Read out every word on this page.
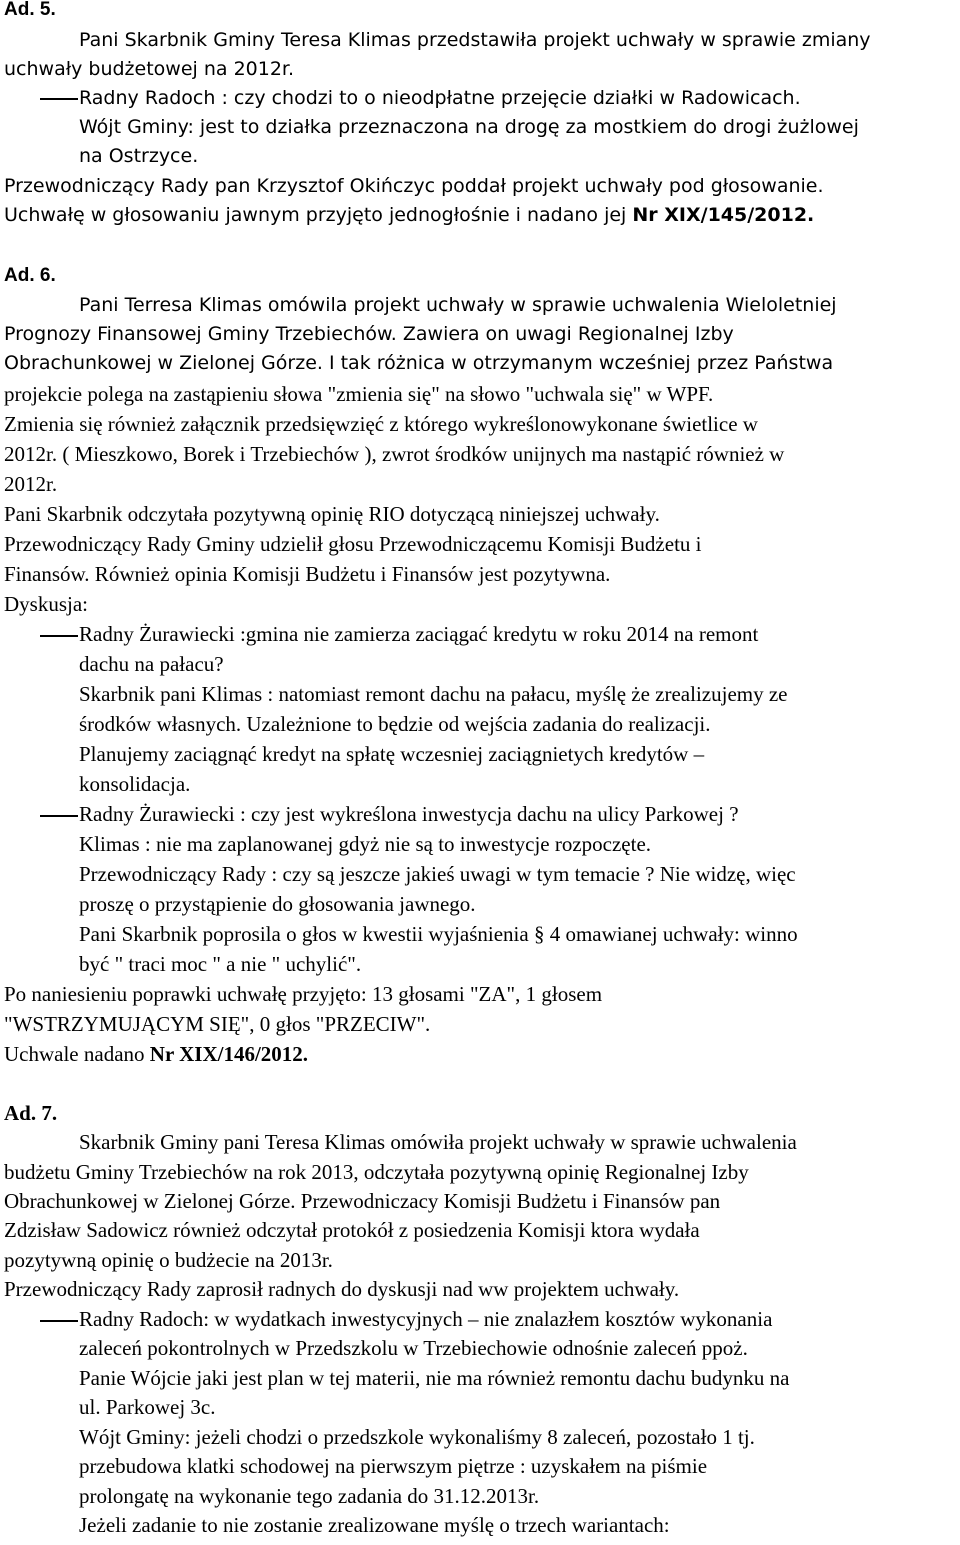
Ad. 5.

Pani Skarbnik Gminy Teresa Klimas przedstawiła projekt uchwały w sprawie zmiany

uchwały budżetowej na 2012r.

Radny Radoch : czy chodzi to o nieodpłatne przejęcie działki w Radowicach.

Wójt Gminy: jest to działka przeznaczona na drogę za mostkiem do drogi żużlowej

na Ostrzyce.

Przewodniczący Rady pan Krzysztof Okińczyc poddał projekt uchwały pod głosowanie.

Uchwałę w głosowaniu jawnym przyjęto jednogłośnie i nadano jej Nr XIX/145/2012.

Ad. 6.

Pani Terresa Klimas omówila projekt uchwały w sprawie uchwalenia Wieloletniej

Prognozy Finansowej Gminy Trzebiechów. Zawiera on uwagi Regionalnej Izby

Obrachunkowej w Zielonej Górze. I tak różnica w otrzymanym wcześniej przez Państwa

projekcie polega na zastąpieniu słowa "zmienia się" na słowo "uchwala się" w WPF.

Zmienia się również załącznik przedsięwzięć z którego wykreślonowykonane świetlice w

2012r. ( Mieszkowo, Borek i Trzebiechów ), zwrot środków unijnych ma nastąpić również w

2012r.

Pani Skarbnik odczytała pozytywną opinię RIO dotyczącą niniejszej uchwały.

Przewodniczący Rady Gminy udzielił głosu Przewodniczącemu Komisji Budżetu i

Finansów. Również opinia Komisji Budżetu i Finansów jest pozytywna.

Dyskusja:

Radny Żurawiecki :gmina nie zamierza zaciągać kredytu w roku 2014 na remont

dachu na pałacu?

Skarbnik pani Klimas : natomiast remont dachu na pałacu, myślę że zrealizujemy ze

środków własnych. Uzależnione to będzie od wejścia zadania do realizacji.

Planujemy zaciągnąć kredyt na spłatę wczesniej zaciągnietych kredytów –

konsolidacja.

Radny Żurawiecki : czy jest wykreślona inwestycja dachu na ulicy Parkowej ?

Klimas : nie ma zaplanowanej gdyż nie są to inwestycje rozpoczęte.

Przewodniczący Rady : czy są jeszcze jakieś uwagi w tym temacie ? Nie widzę, więc

proszę o przystąpienie do głosowania jawnego.

Pani Skarbnik poprosila o głos w kwestii wyjaśnienia § 4 omawianej uchwały: winno

być " traci moc " a nie " uchylić".

Po naniesieniu poprawki uchwałę przyjęto: 13 głosami "ZA", 1 głosem

"WSTRZYMUJĄCYM SIĘ", 0 głos "PRZECIW".

Uchwale nadano Nr XIX/146/2012.

Ad. 7.

Skarbnik Gminy pani Teresa Klimas omówiła projekt uchwały w sprawie uchwalenia

budżetu Gminy Trzebiechów na rok 2013, odczytała pozytywną opinię Regionalnej Izby

Obrachunkowej w Zielonej Górze. Przewodniczacy Komisji Budżetu i Finansów pan

Zdzisław Sadowicz również odczytał protokół z posiedzenia Komisji ktora wydała

pozytywną opinię o budżecie na 2013r.

Przewodniczący Rady zaprosił radnych do dyskusji nad ww projektem uchwały.

Radny Radoch: w wydatkach inwestycyjnych – nie znalazłem kosztów wykonania

zaleceń pokontrolnych w Przedszkolu w Trzebiechowie odnośnie zaleceń ppoż.

Panie Wójcie jaki jest plan w tej materii, nie ma również remontu dachu budynku na

ul. Parkowej 3c.

Wójt Gminy: jeżeli chodzi o przedszkole wykonaliśmy 8 zaleceń, pozostało 1 tj.

przebudowa klatki schodowej na pierwszym piętrze : uzyskałem na piśmie

prolongatę na wykonanie tego zadania do 31.12.2013r.

Jeżeli zadanie to nie zostanie zrealizowane myślę o trzech wariantach:
